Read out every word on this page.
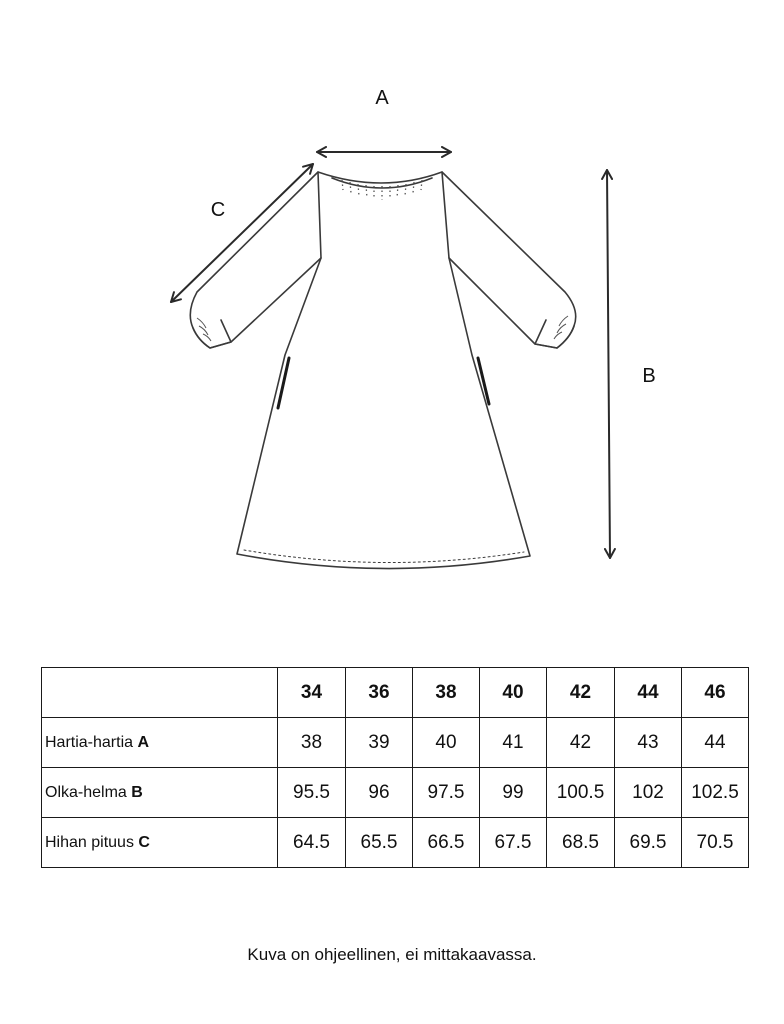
A
B
C
	34	36	38	40	42	44	46
Hartia-hartia A	38	39	40	41	42	43	44
Olka-helma B	95.5	96	97.5	99	100.5	102	102.5
Hihan pituus C	64.5	65.5	66.5	67.5	68.5	69.5	70.5
Kuva on ohjeellinen, ei mittakaavassa.
